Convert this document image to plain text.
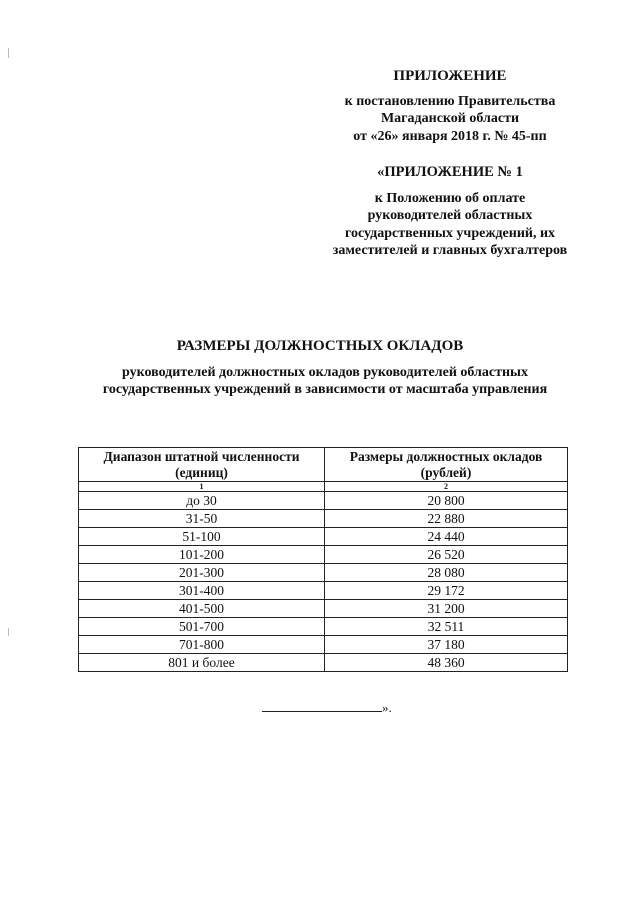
ПРИЛОЖЕНИЕ
к постановлению Правительства
Магаданской области
от «26» января 2018 г. № 45-пп
«ПРИЛОЖЕНИЕ № 1
к Положению об оплате
руководителей областных
государственных учреждений, их
заместителей и главных бухгалтеров
РАЗМЕРЫ ДОЛЖНОСТНЫХ ОКЛАДОВ
руководителей должностных окладов руководителей областных
государственных учреждений в зависимости от масштаба управления
Диапазон штатной численности (единиц)	Размеры должностных окладов (рублей)
1	2
до 30	20 800
31-50	22 880
51-100	24 440
101-200	26 520
201-300	28 080
301-400	29 172
401-500	31 200
501-700	32 511
701-800	37 180
801 и более	48 360
».
